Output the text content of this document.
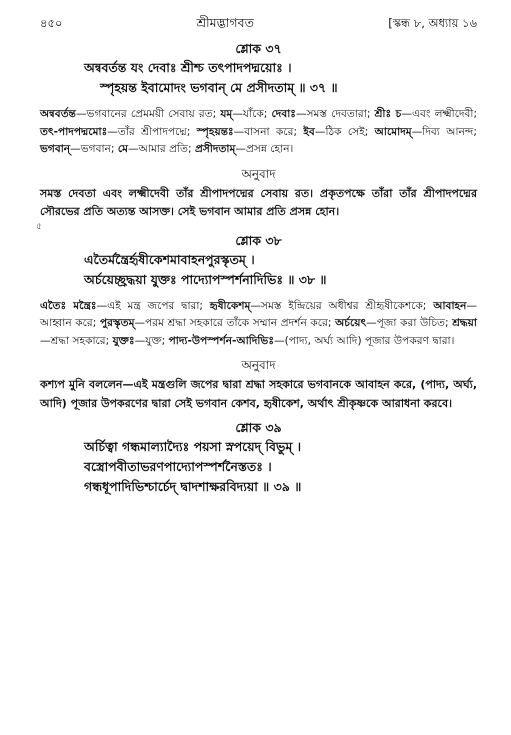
৪৫০	শ্রীমদ্ভাগবত	[স্কন্ধ ৮, অধ্যায় ১৬
শ্লোক ৩৭
অন্ববর্তন্ত যং দেবাঃ শ্রীশ্চ তৎপাদপদ্ময়োঃ ।
স্পৃহয়ন্ত ইবামোদং ভগবান্ মে প্রসীদতাম্ ॥ ৩৭ ॥
অন্ববর্তন্ত—ভগবানের প্রেমময়ী সেবায় রত; যম্—যাঁকে; দেবাঃ—সমস্ত দেবতারা; শ্রীঃ চ—এবং লক্ষ্মীদেবী; তৎ-পাদপদ্মমোঃ—তাঁর শ্রীপাদপদ্মে; স্পৃহয়ন্তঃ—বাসনা করে; ইব—ঠিক সেই; আমোদম্—দিব্য আনন্দ; ভগবান্—ভগবান; মে—আমার প্রতি; প্রসীদতাম্—প্রসন্ন হোন।
অনুবাদ
সমস্ত দেবতা এবং লক্ষ্মীদেবী তাঁর শ্রীপাদপদ্মের সেবায় রত। প্রকৃতপক্ষে তাঁরা তাঁর শ্রীপাদপদ্মের সৌরভের প্রতি অত্যন্ত আসক্ত। সেই ভগবান আমার প্রতি প্রসন্ন হোন।
৫
শ্লোক ৩৮
এতৈর্মন্ত্রৈর্হৃষীকেশমাবাহনপুরস্কৃতম্ ।
অর্চয়েচ্ছ্রদ্ধয়া যুক্তঃ পাদ্যোপস্পর্শনাদিভিঃ ॥ ৩৮ ॥
এতৈঃ মন্ত্রৈঃ—এই মন্ত্র জপের দ্বারা; হৃষীকেশম্—সমস্ত ইন্দ্রিয়ের অধীশ্বর শ্রীহৃষীকেশকে; আবাহন—আহ্বান করে; পুরস্কৃতম্—পরম শ্রদ্ধা সহকারে তাঁকে সম্মান প্রদর্শন করে; অর্চয়েৎ—পূজা করা উচিত; শ্রদ্ধয়া—শ্রদ্ধা সহকারে; যুক্তঃ—যুক্ত; পাদ্য-উপস্পর্শন-আদিভিঃ—(পাদ্য, অর্ঘ্য আদি) পূজার উপকরণ দ্বারা।
অনুবাদ
কশ্যপ মুনি বললেন—এই মন্ত্রগুলি জপের দ্বারা শ্রদ্ধা সহকারে ভগবানকে আবাহন করে, (পাদ্য, অর্ঘ্য, আদি) পূজার উপকরণের দ্বারা সেই ভগবান কেশব, হৃষীকেশ, অর্থাৎ শ্রীকৃষ্ণকে আরাধনা করবে।
শ্লোক ৩৯
অর্চিত্বা গন্ধমাল্যাদ্যৈঃ পয়সা স্নপয়েদ্ বিভুম্ ।
বস্ত্রোপবীতাভরণপাদ্যোপস্পর্শনৈস্ততঃ ।
গন্ধধূপাদিভিশ্চার্চেদ্ দ্বাদশাক্ষরবিদ্যয়া ॥ ৩৯ ॥
